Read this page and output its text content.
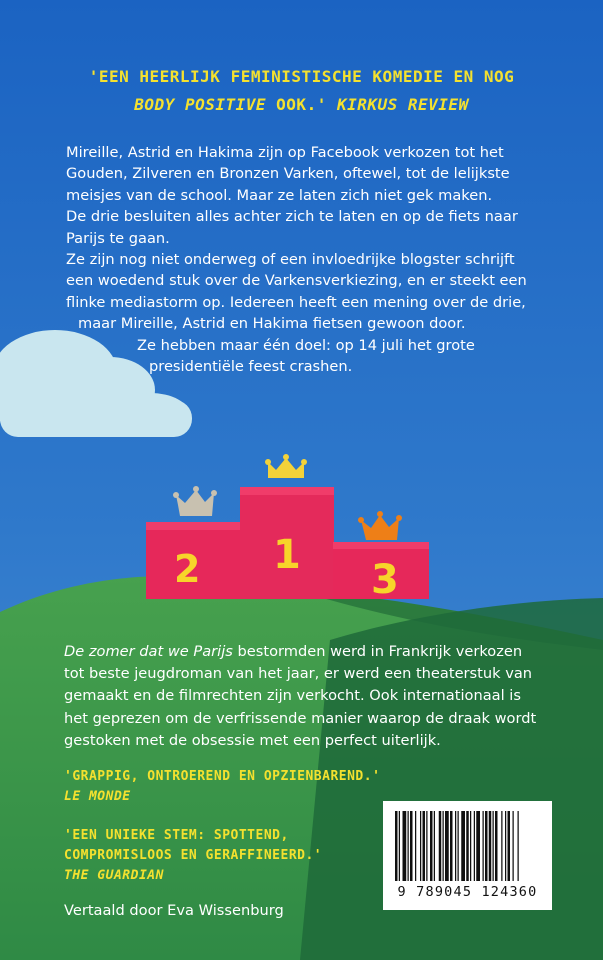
2 1
3
'EEN HEERLIJK FEMINISTISCHE KOMEDIE EN NOG
BODY POSITIVE OOK.' KIRKUS REVIEW

Mireille, Astrid en Hakima zijn op Facebook verkozen tot het

Gouden, Zilveren en Bronzen Varken, oftewel, tot de lelijkste

meisjes van de school. Maar ze laten zich niet gek maken.

De drie besluiten alles achter zich te laten en op de fiets naar

Parijs te gaan.

Ze zijn nog niet onderweg of een invloedrijke blogster schrijft

een woedend stuk over de Varkensverkiezing, en er steekt een

flinke mediastorm op. Iedereen heeft een mening over de drie,

maar Mireille, Astrid en Hakima fietsen gewoon door.

Ze hebben maar één doel: op 14 juli het grote

presidentiële feest crashen.

De zomer dat we Parijs bestormden werd in Frankrijk verkozen
tot beste jeugdroman van het jaar, er werd een theaterstuk van
gemaakt en de filmrechten zijn verkocht. Ook internationaal is
het geprezen om de verfrissende manier waarop de draak wordt
gestoken met de obsessie met een perfect uiterlijk.
'GRAPPIG, ONTROEREND EN OPZIENBAREND.'
LE MONDE
'EEN UNIEKE STEM: SPOTTEND,
COMPROMISLOOS EN GERAFFINEERD.'
THE GUARDIAN
Vertaald door Eva Wissenburg
9 789045 124360
